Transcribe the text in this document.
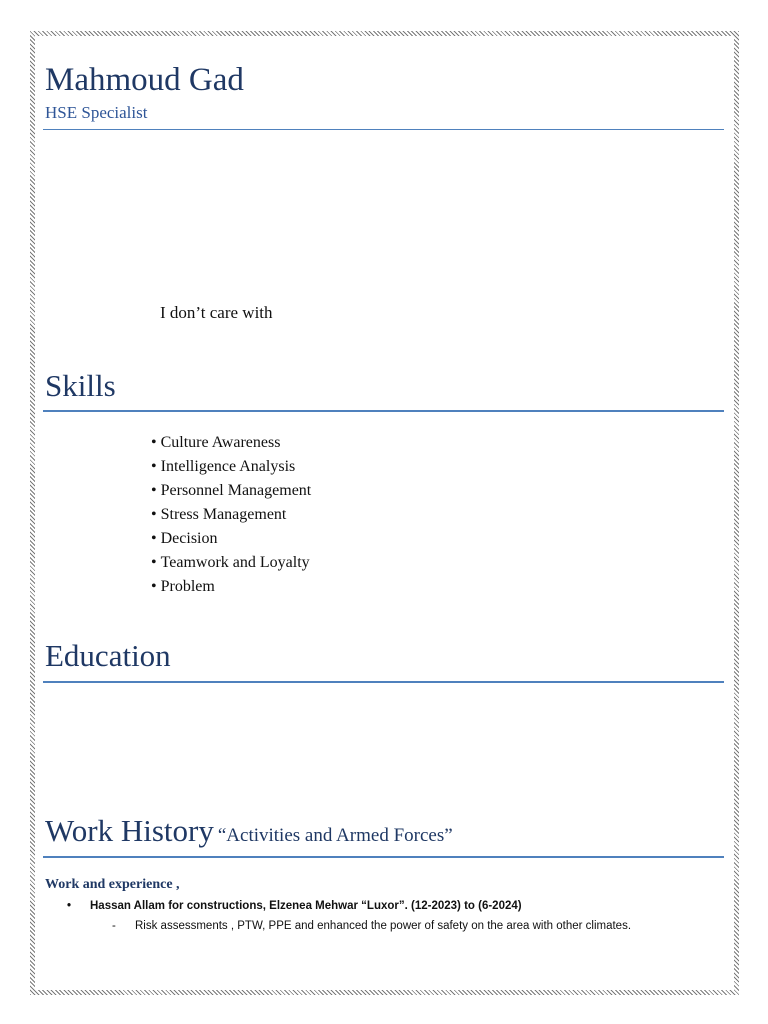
Mahmoud Gad
HSE Specialist
I don’t care with
Skills
• Culture Awareness
• Intelligence Analysis
• Personnel Management
• Stress Management
• Decision
• Teamwork and Loyalty
• Problem
Education
Work History “Activities and Armed Forces”
Work and experience ,
• Hassan Allam for constructions, Elzenea Mehwar “Luxor”. (12-2023) to (6-2024)
- Risk assessments , PTW, PPE and enhanced the power of safety on the area with other climates.
